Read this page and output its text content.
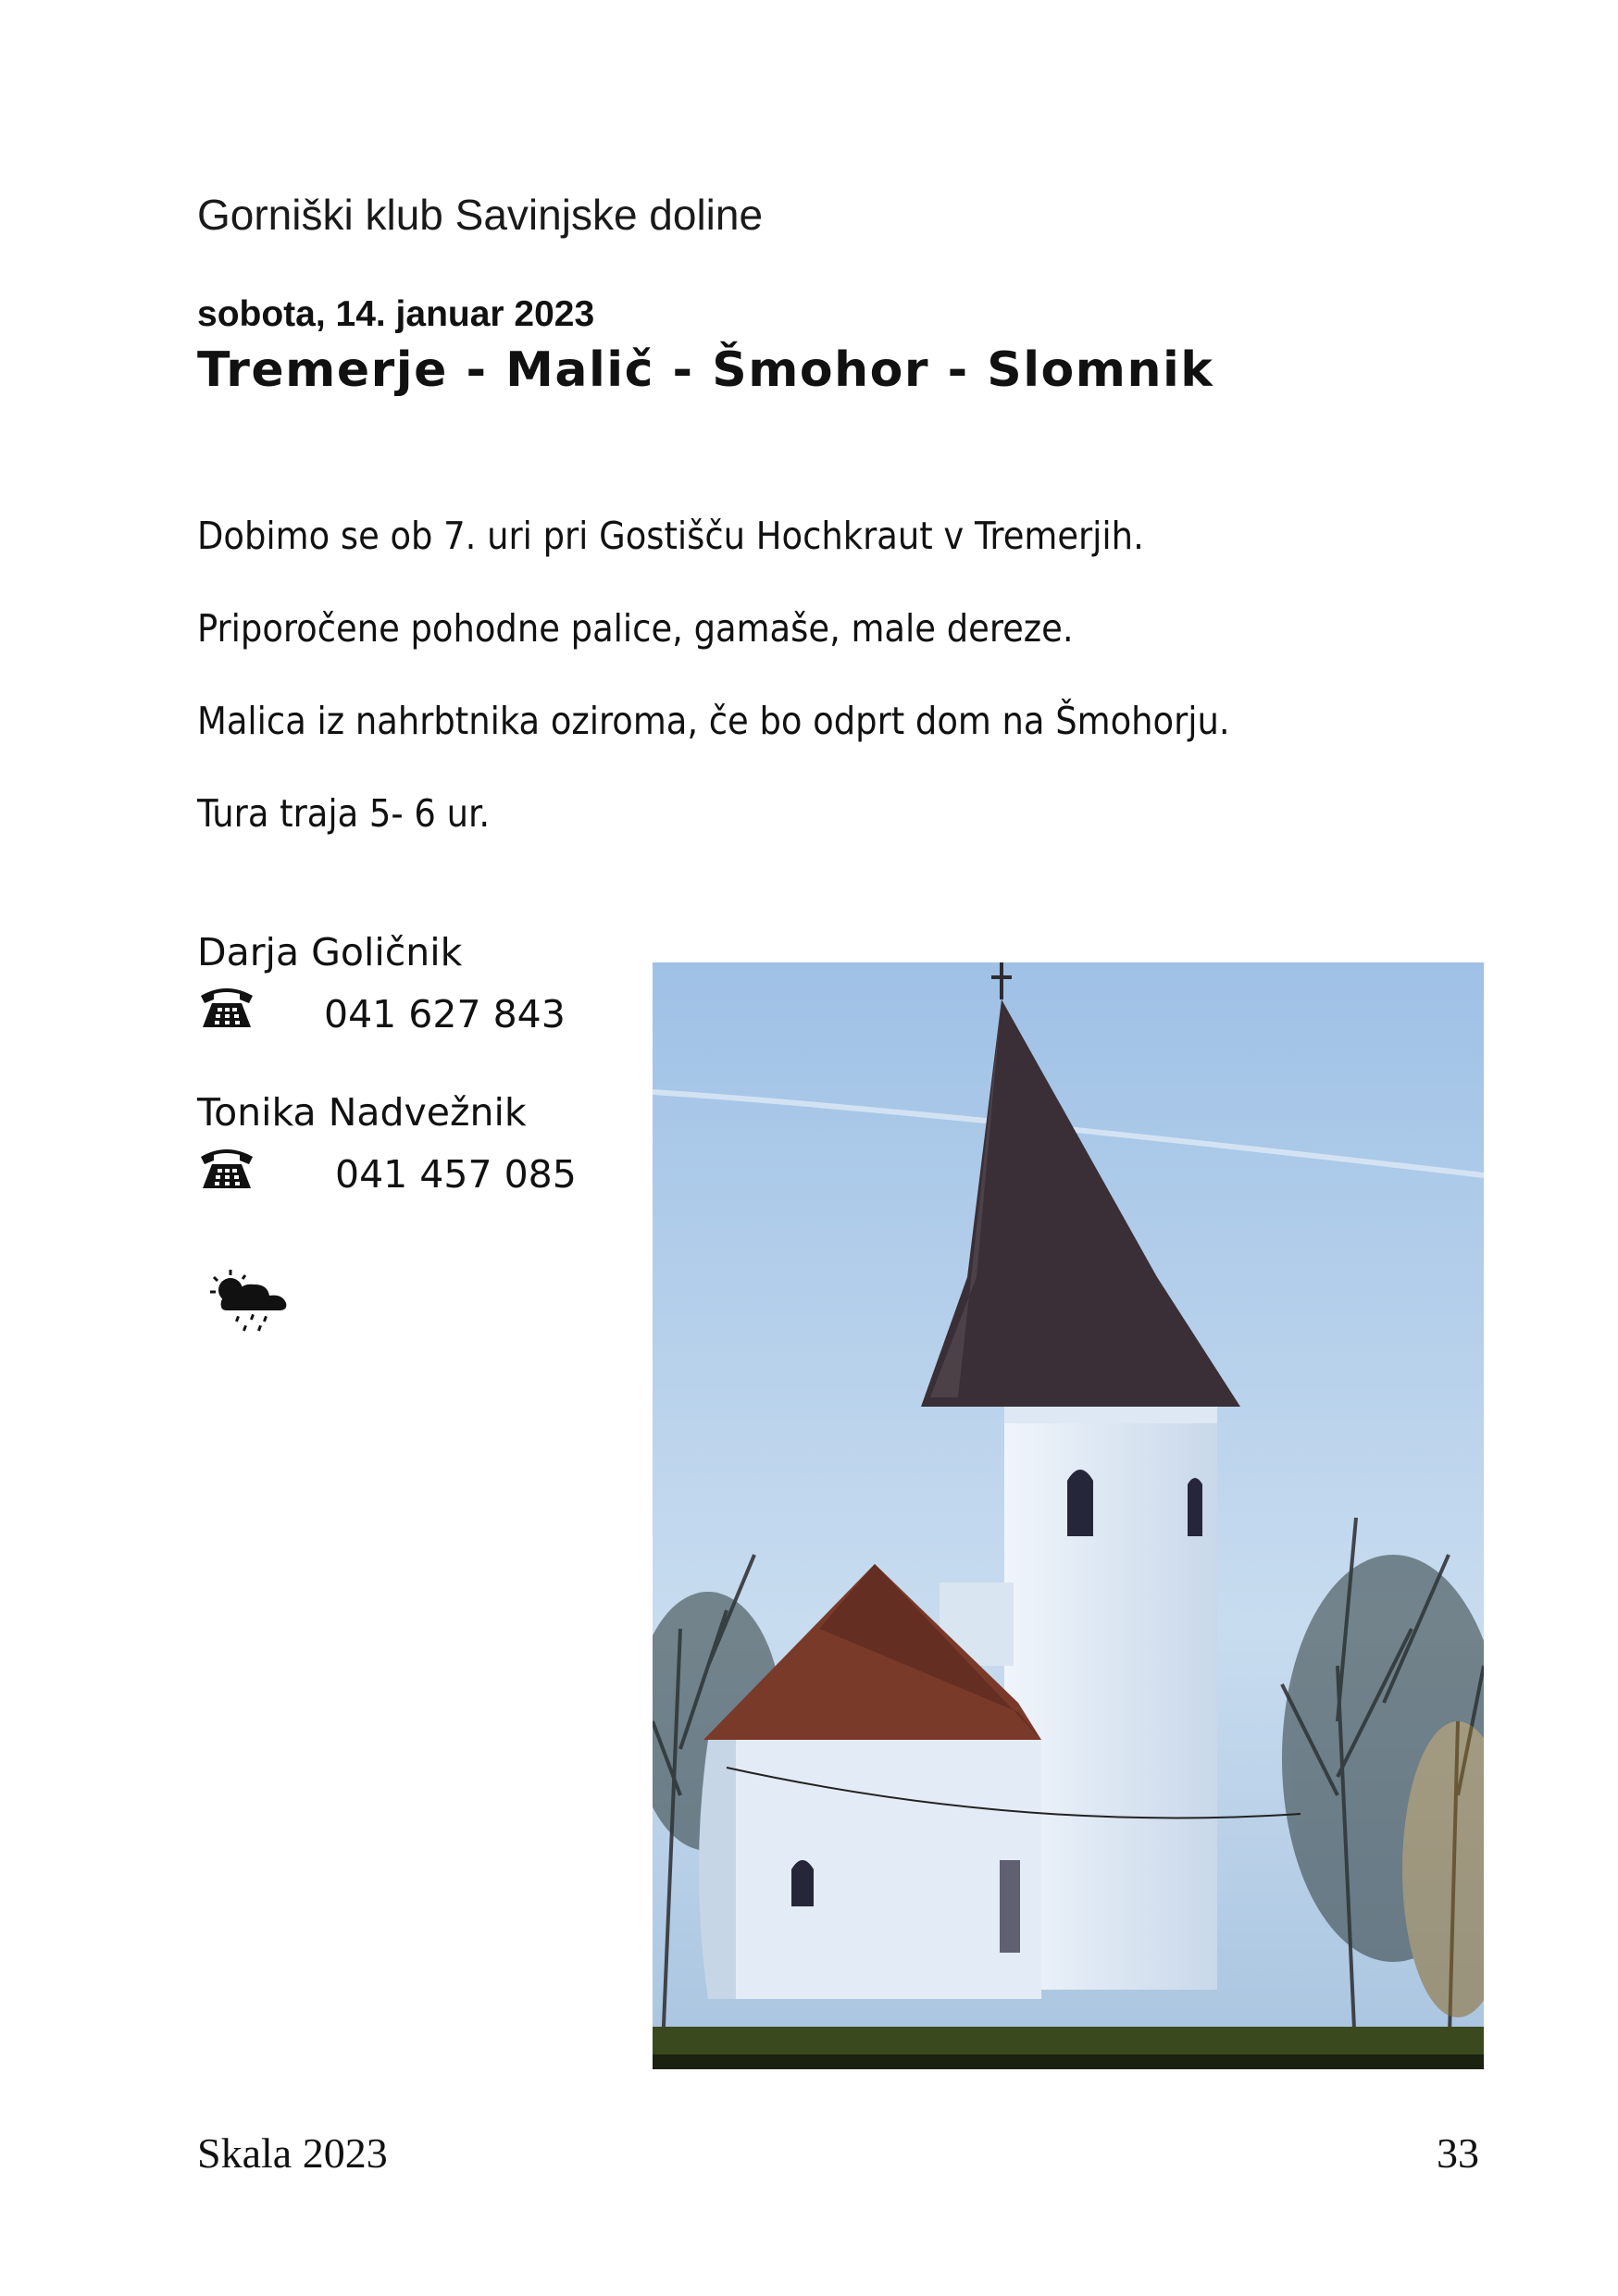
Gorniški klub Savinjske doline
sobota, 14. januar 2023
Tremerje - Malič - Šmohor - Slomnik
Dobimo se ob 7. uri pri Gostišču Hochkraut v Tremerjih.
Priporočene pohodne palice, gamaše, male dereze.
Malica iz nahrbtnika oziroma, če bo odprt dom na Šmohorju.
Tura traja 5- 6 ur.
Darja Goličnik
041 627 843
Tonika Nadvežnik
041 457 085
Skala 2023	33
